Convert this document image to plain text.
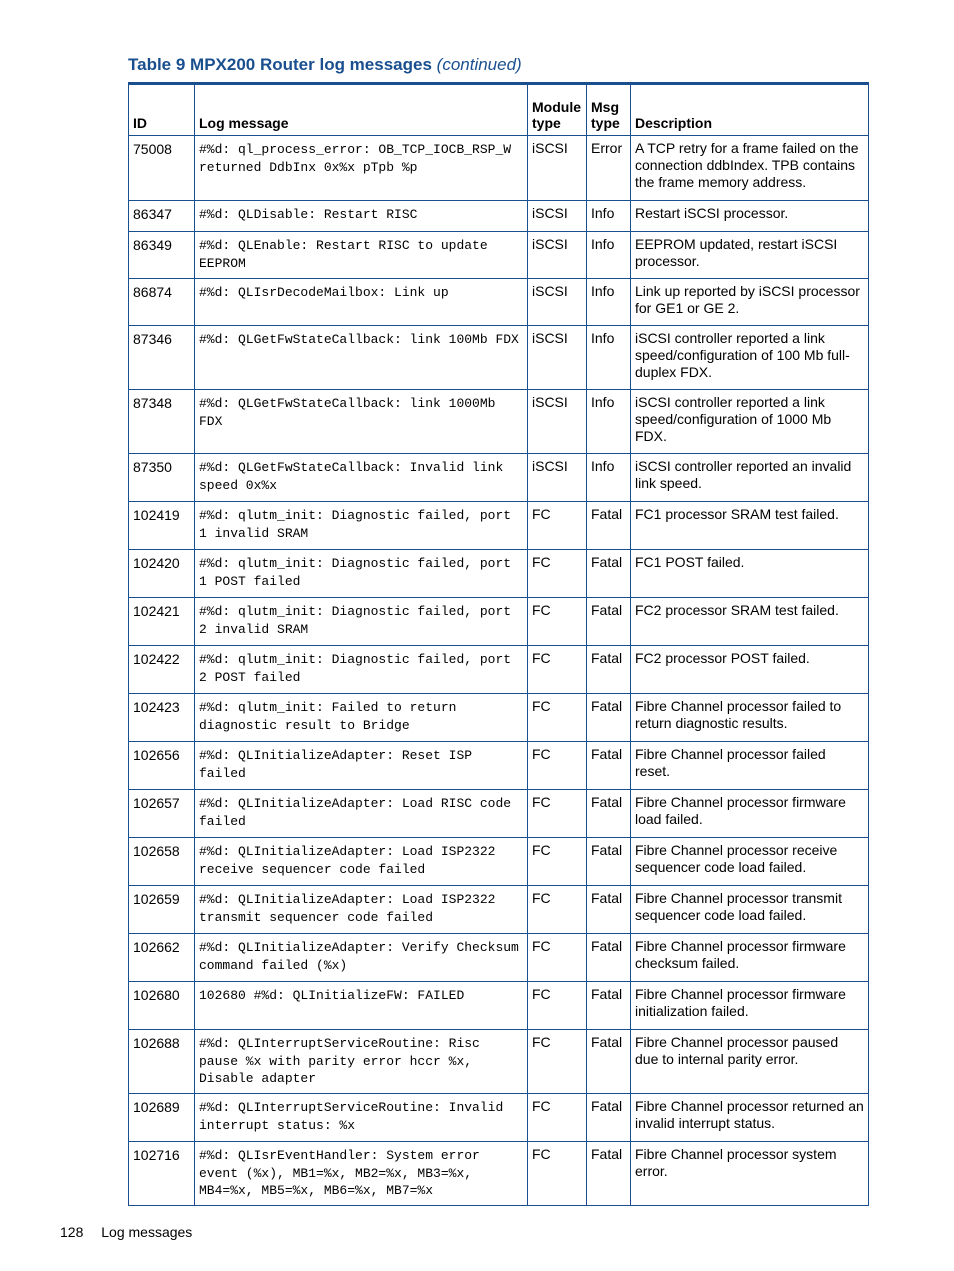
Table 9 MPX200 Router log messages (continued)
ID	Log message	Module type	Msg type	Description
75008	#%d: ql_process_error: OB_TCP_IOCB_RSP_W returned DdbInx 0x%x pTpb %p	iSCSI	Error	A TCP retry for a frame failed on the connection ddbIndex. TPB contains the frame memory address.
86347	#%d: QLDisable: Restart RISC	iSCSI	Info	Restart iSCSI processor.
86349	#%d: QLEnable: Restart RISC to update EEPROM	iSCSI	Info	EEPROM updated, restart iSCSI processor.
86874	#%d: QLIsrDecodeMailbox: Link up	iSCSI	Info	Link up reported by iSCSI processor for GE1 or GE 2.
87346	#%d: QLGetFwStateCallback: link 100Mb FDX	iSCSI	Info	iSCSI controller reported a link speed/configuration of 100 Mb full-duplex FDX.
87348	#%d: QLGetFwStateCallback: link 1000Mb FDX	iSCSI	Info	iSCSI controller reported a link speed/configuration of 1000 Mb FDX.
87350	#%d: QLGetFwStateCallback: Invalid link speed 0x%x	iSCSI	Info	iSCSI controller reported an invalid link speed.
102419	#%d: qlutm_init: Diagnostic failed, port 1 invalid SRAM	FC	Fatal	FC1 processor SRAM test failed.
102420	#%d: qlutm_init: Diagnostic failed, port 1 POST failed	FC	Fatal	FC1 POST failed.
102421	#%d: qlutm_init: Diagnostic failed, port 2 invalid SRAM	FC	Fatal	FC2 processor SRAM test failed.
102422	#%d: qlutm_init: Diagnostic failed, port 2 POST failed	FC	Fatal	FC2 processor POST failed.
102423	#%d: qlutm_init: Failed to return diagnostic result to Bridge	FC	Fatal	Fibre Channel processor failed to return diagnostic results.
102656	#%d: QLInitializeAdapter: Reset ISP failed	FC	Fatal	Fibre Channel processor failed reset.
102657	#%d: QLInitializeAdapter: Load RISC code failed	FC	Fatal	Fibre Channel processor firmware load failed.
102658	#%d: QLInitializeAdapter: Load ISP2322 receive sequencer code failed	FC	Fatal	Fibre Channel processor receive sequencer code load failed.
102659	#%d: QLInitializeAdapter: Load ISP2322 transmit sequencer code failed	FC	Fatal	Fibre Channel processor transmit sequencer code load failed.
102662	#%d: QLInitializeAdapter: Verify Checksum command failed (%x)	FC	Fatal	Fibre Channel processor firmware checksum failed.
102680	102680 #%d: QLInitializeFW: FAILED	FC	Fatal	Fibre Channel processor firmware initialization failed.
102688	#%d: QLInterruptServiceRoutine: Risc pause %x with parity error hccr %x, Disable adapter	FC	Fatal	Fibre Channel processor paused due to internal parity error.
102689	#%d: QLInterruptServiceRoutine: Invalid interrupt status: %x	FC	Fatal	Fibre Channel processor returned an invalid interrupt status.
102716	#%d: QLIsrEventHandler: System error event (%x), MB1=%x, MB2=%x, MB3=%x, MB4=%x, MB5=%x, MB6=%x, MB7=%x	FC	Fatal	Fibre Channel processor system error.
128 Log messages
